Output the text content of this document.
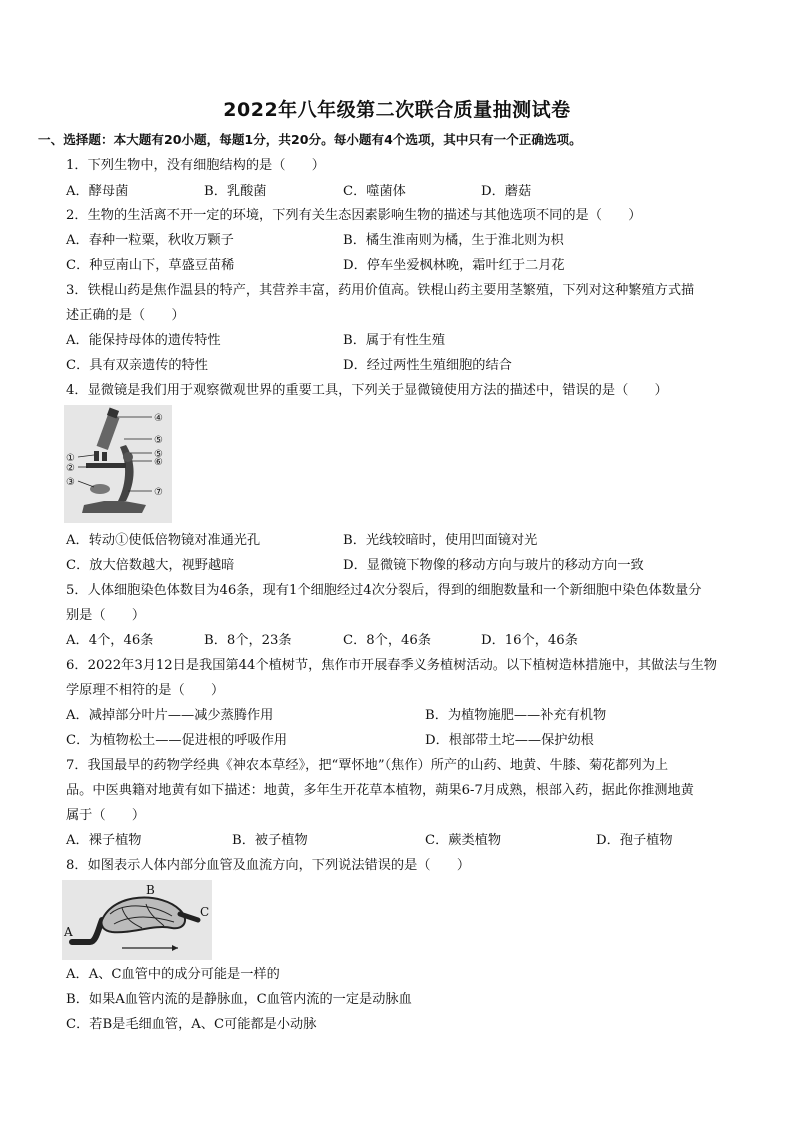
2022年八年级第二次联合质量抽测试卷
一、选择题：本大题有20小题，每题1分，共20分。每小题有4个选项，其中只有一个正确选项。
1．下列生物中，没有细胞结构的是（　　）
A．酵母菌	B．乳酸菌	C．噬菌体	D．蘑菇
2．生物的生活离不开一定的环境，下列有关生态因素影响生物的描述与其他选项不同的是（　　）
A．春种一粒粟，秋收万颗子	B．橘生淮南则为橘，生于淮北则为枳
C．种豆南山下，草盛豆苗稀	D．停车坐爱枫林晚，霜叶红于二月花
3．铁棍山药是焦作温县的特产，其营养丰富，药用价值高。铁棍山药主要用茎繁殖，下列对这种繁殖方式描
述正确的是（　　）
A．能保持母体的遗传特性	B．属于有性生殖
C．具有双亲遗传的特性	D．经过两性生殖细胞的结合
4．显微镜是我们用于观察微观世界的重要工具，下列关于显微镜使用方法的描述中，错误的是（　　）
④
⑤
⑤
⑥
⑦
①
②
③
A．转动①使低倍物镜对准通光孔	B．光线较暗时，使用凹面镜对光
C．放大倍数越大，视野越暗	D．显微镜下物像的移动方向与玻片的移动方向一致
5．人体细胞染色体数目为46条，现有1个细胞经过4次分裂后，得到的细胞数量和一个新细胞中染色体数量分
别是（　　）
A．4个，46条	B．8个，23条	C．8个，46条	D．16个，46条
6．2022年3月12日是我国第44个植树节，焦作市开展春季义务植树活动。以下植树造林措施中，其做法与生物
学原理不相符的是（　　）
A．减掉部分叶片——减少蒸腾作用	B．为植物施肥——补充有机物
C．为植物松土——促进根的呼吸作用	D．根部带土坨——保护幼根
7．我国最早的药物学经典《神农本草经》，把“覃怀地”（焦作）所产的山药、地黄、牛膝、菊花都列为上
品。中医典籍对地黄有如下描述：地黄，多年生开花草本植物，蒴果6-7月成熟，根部入药，据此你推测地黄
属于（　　）
A．裸子植物	B．被子植物	C．蕨类植物	D．孢子植物
8．如图表示人体内部分血管及血流方向，下列说法错误的是（　　）
A
B
C
A．A、C血管中的成分可能是一样的
B．如果A血管内流的是静脉血，C血管内流的一定是动脉血
C．若B是毛细血管，A、C可能都是小动脉
